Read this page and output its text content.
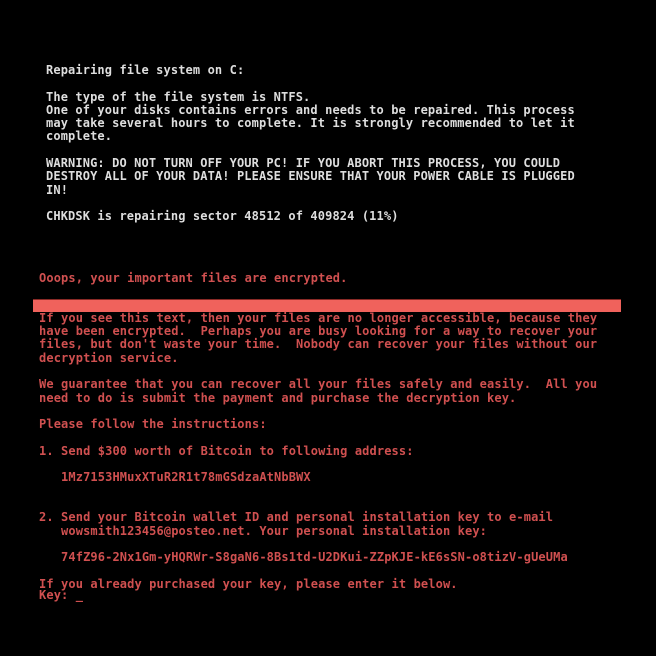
Repairing file system on C:

The type of the file system is NTFS.
One of your disks contains errors and needs to be repaired. This process
may take several hours to complete. It is strongly recommended to let it
complete.

WARNING: DO NOT TURN OFF YOUR PC! IF YOU ABORT THIS PROCESS, YOU COULD
DESTROY ALL OF YOUR DATA! PLEASE ENSURE THAT YOUR POWER CABLE IS PLUGGED
IN!

CHKDSK is repairing sector 48512 of 409824 (11%)
Ooops, your important files are encrypted.

If you see this text, then your files are no longer accessible, because they
have been encrypted.  Perhaps you are busy looking for a way to recover your
files, but don't waste your time.  Nobody can recover your files without our
decryption service.

We guarantee that you can recover all your files safely and easily.  All you
need to do is submit the payment and purchase the decryption key.

Please follow the instructions:

1. Send $300 worth of Bitcoin to following address:

1Mz7153HMuxXTuR2R1t78mGSdzaAtNbBWX

2. Send your Bitcoin wallet ID and personal installation key to e-mail
wowsmith123456@posteo.net. Your personal installation key:

74fZ96-2Nx1Gm-yHQRWr-S8gaN6-8Bs1td-U2DKui-ZZpKJE-kE6sSN-o8tizV-gUeUMa

If you already purchased your key, please enter it below.
Key: _
